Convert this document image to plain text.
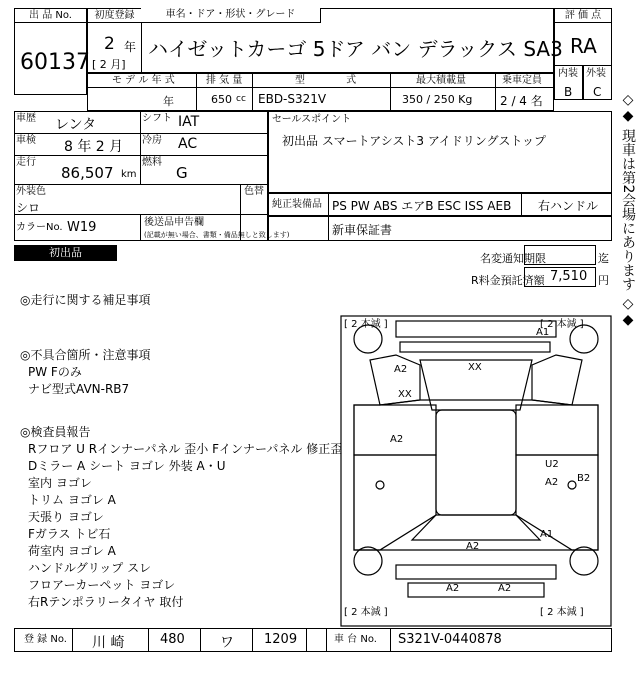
出 品 No.
60137
初度登録
2 年
[ 2 月]
車名・ドア・形状・グレード
ハイゼットカーゴ 5ドア バン デラックス SA3
評 価 点
RA
内装 外装
B C
モ デ ル 年 式	排 気 量	型 式	最大積載量	乗車定員
年	650 cc EBD-S321V	350 / 250 Kg 2 / 4 名
車歴 レンタ	シフト IAT
車検 8 年 2 月 冷房 AC
走行
86,507 km
燃料
G
外装色
シロ
色替
カラーNo. W19	後送品申告欄
(記載が無い場合、書類・備品無しと致します)
セールスポイント
初出品 スマートアシスト3 アイドリングストップ
純正装備品 PS PW ABS エアB ESC ISS AEB 右ハンドル
新車保証書	◇◆ 現車は第2会場にあります ◇◆
初出品	名変通知期限	迄
R料金預託済額 7,510 円
◎走行に関する補足事項
◎不具合箇所・注意事項
PW Fのみ
ナビ型式AVN-RB7
◎検査員報告
Rフロア U Rインナーパネル 歪小 Fインナーパネル 修正歪
Dミラー A シート ヨゴレ 外装 A・U
室内 ヨゴレ
トリム ヨゴレ A
天張り ヨゴレ
Fガラス トビ石
荷室内 ヨゴレ A
ハンドルグリップ スレ
フロアーカーペット ヨゴレ
右Rテンポラリータイヤ 取付
[ 2 本減 ]	[ 2 本減 ]
[ 2 本減 ]	[ 2 本減 ]
A1
A2	XX
XX
A2
U2
A2 B2
A1
A2
A2	A2
登 録 No. 川 崎	480	ワ 1209	車 台 No. S321V-0440878
